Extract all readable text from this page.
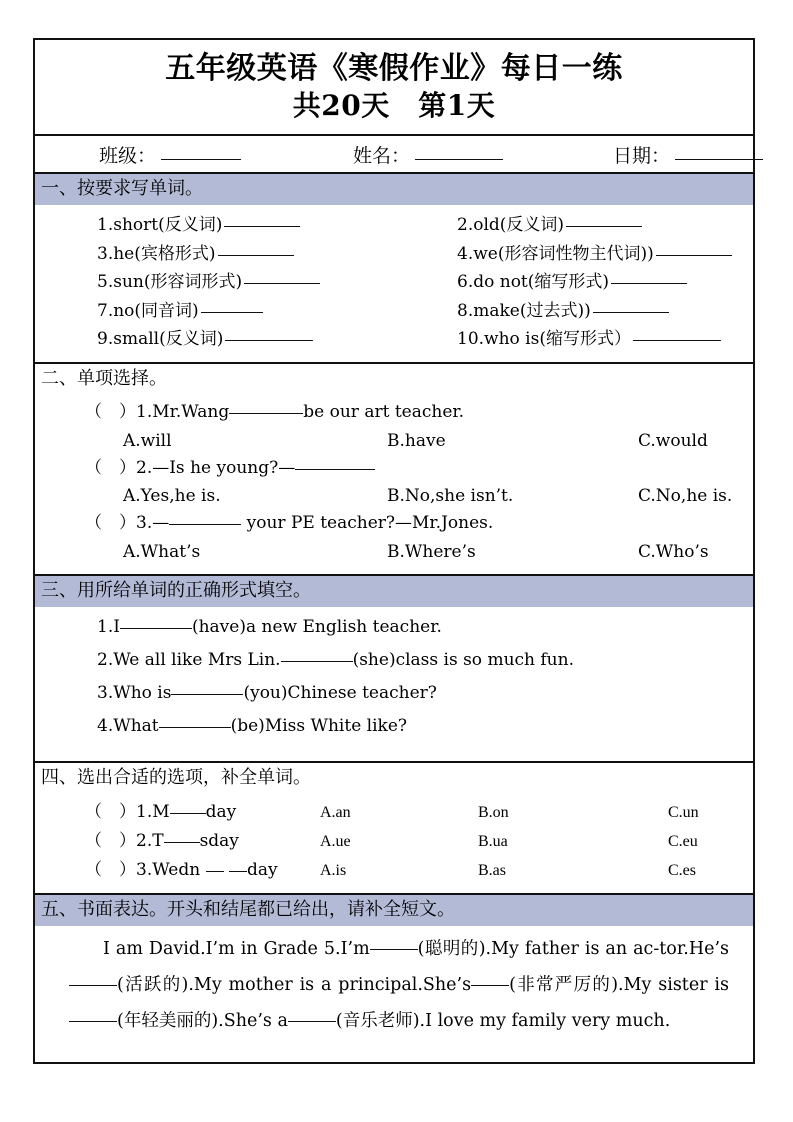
五年级英语《寒假作业》每日一练
共20天　第1天
班级：	姓名：	日期：
一、按要求写单词。
1.short(反义词)	2.old(反义词)
3.he(宾格形式)	4.we(形容词性物主代词))
5.sun(形容词形式)	6.do not(缩写形式)
7.no(同音词)	8.make(过去式))
9.small(反义词)	10.who is(缩写形式）
二、单项选择。
（　）1.Mr.Wang	be our art teacher.
A.will	B.have	C.would
（　）2.—Is he young?—
A.Yes,he is.	B.No,she isn’t.	C.No,he is.
（　）3.—	your PE teacher?—Mr.Jones.
A.What’s	B.Where’s	C.Who’s
三、用所给单词的正确形式填空。
1.I	(have)a new English teacher.
2.We all like Mrs Lin.	(she)class is so much fun.
3.Who is	(you)Chinese teacher?
4.What	(be)Miss White like?
四、选出合适的选项，补全单词。
（　）1.M day	A.an	B.on	C.un
（　）2.T sday	A.ue	B.ua	C.eu
（　）3.Wedn  day	A.is	B.as	C.es
五、书面表达。开头和结尾都已给出，请补全短文。
I am David.I’m in Grade 5.I’m	(聪明的).My father is an ac-tor.He’s(活跃的).My mother is a principal.She’s (非常严厉的).My sister is(年轻美丽的).She’s a	(音乐老师).I love my family very much.
